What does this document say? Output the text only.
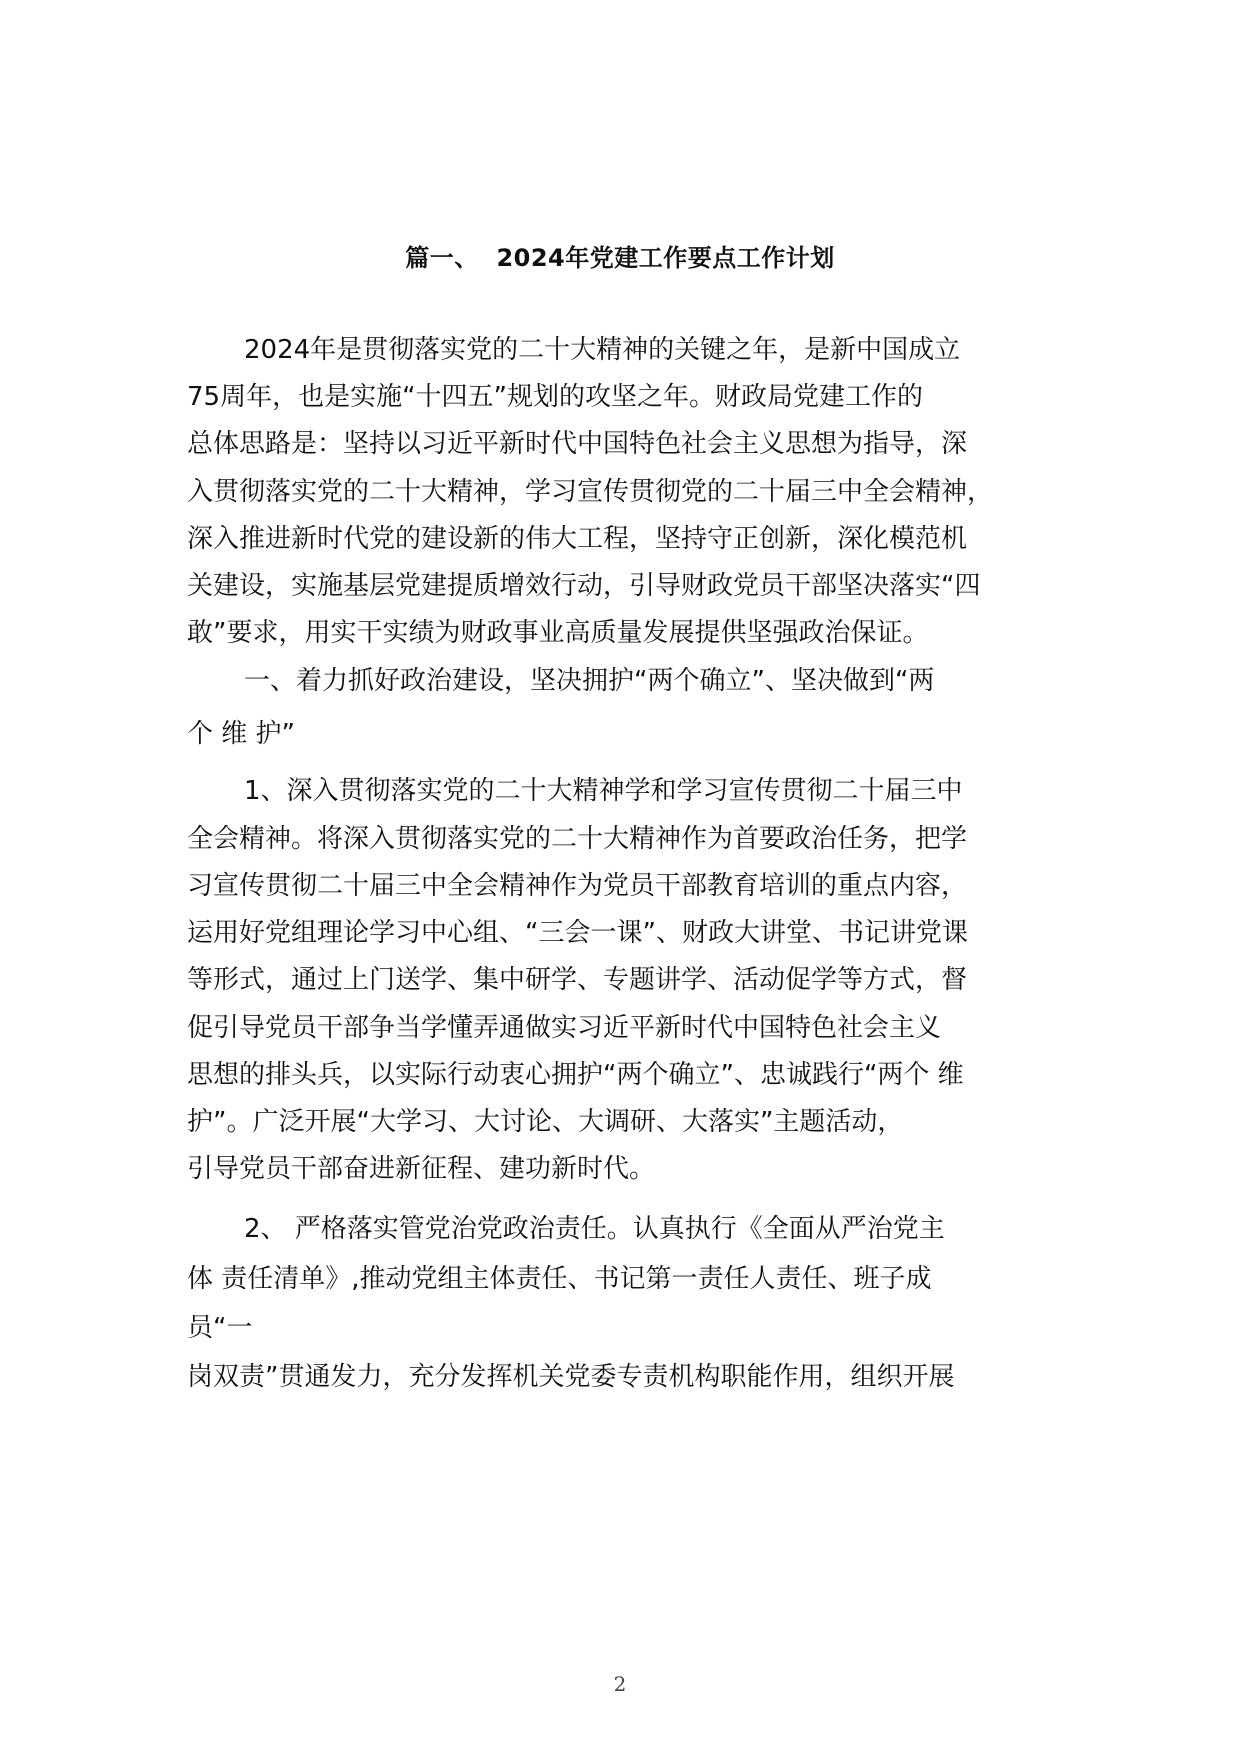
篇一、  2024年党建工作要点工作计划
2024年是贯彻落实党的二十大精神的关键之年，是新中国成立
75周年，也是实施“十四五”规划的攻坚之年。财政局党建工作的
总体思路是：坚持以习近平新时代中国特色社会主义思想为指导，深
入贯彻落实党的二十大精神，学习宣传贯彻党的二十届三中全会精神，
深入推进新时代党的建设新的伟大工程，坚持守正创新，深化模范机
关建设，实施基层党建提质增效行动，引导财政党员干部坚决落实“四
敢”要求，用实干实绩为财政事业高质量发展提供坚强政治保证。
一、着力抓好政治建设，坚决拥护“两个确立”、坚决做到“两
个 维 护”
1、深入贯彻落实党的二十大精神学和学习宣传贯彻二十届三中
全会精神。将深入贯彻落实党的二十大精神作为首要政治任务，把学
习宣传贯彻二十届三中全会精神作为党员干部教育培训的重点内容，
运用好党组理论学习中心组、“三会一课”、财政大讲堂、书记讲党课
等形式，通过上门送学、集中研学、专题讲学、活动促学等方式，督
促引导党员干部争当学懂弄通做实习近平新时代中国特色社会主义
思想的排头兵，以实际行动衷心拥护“两个确立”、忠诚践行“两个 维
护”。广泛开展“大学习、大讨论、大调研、大落实”主题活动，
引导党员干部奋进新征程、建功新时代。
2、 严格落实管党治党政治责任。认真执行《全面从严治党主
体 责任清单》,推动党组主体责任、书记第一责任人责任、班子成
员“一
岗双责”贯通发力，充分发挥机关党委专责机构职能作用，组织开展
2
